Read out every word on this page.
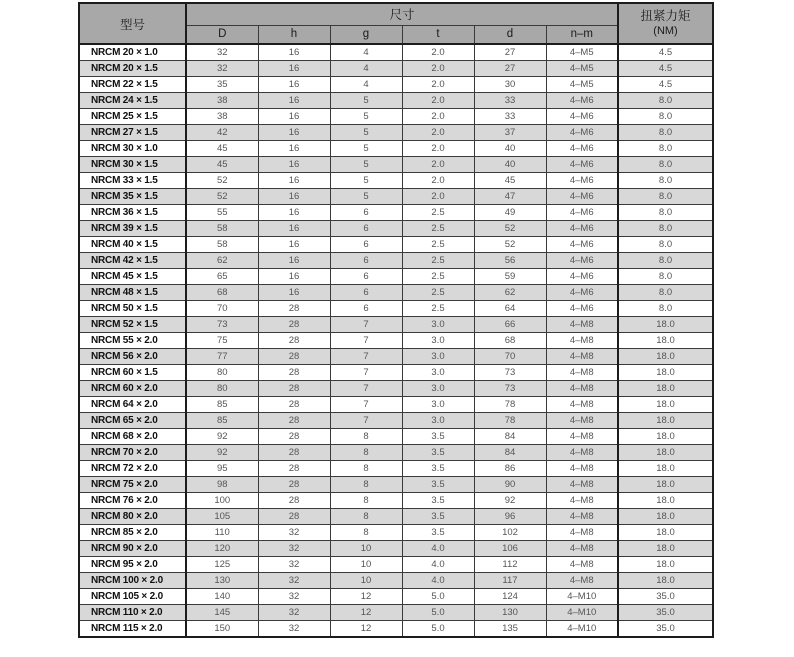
型号	尺寸						扭紧力矩
(NM)

	D	h	g	t	d	n–m	
NRCM 20 × 1.0	32	16	4	2.0	27	4–M5	4.5
NRCM 20 × 1.5	32	16	4	2.0	27	4–M5	4.5
NRCM 22 × 1.5	35	16	4	2.0	30	4–M5	4.5
NRCM 24 × 1.5	38	16	5	2.0	33	4–M6	8.0
NRCM 25 × 1.5	38	16	5	2.0	33	4–M6	8.0
NRCM 27 × 1.5	42	16	5	2.0	37	4–M6	8.0
NRCM 30 × 1.0	45	16	5	2.0	40	4–M6	8.0
NRCM 30 × 1.5	45	16	5	2.0	40	4–M6	8.0
NRCM 33 × 1.5	52	16	5	2.0	45	4–M6	8.0
NRCM 35 × 1.5	52	16	5	2.0	47	4–M6	8.0
NRCM 36 × 1.5	55	16	6	2.5	49	4–M6	8.0
NRCM 39 × 1.5	58	16	6	2.5	52	4–M6	8.0
NRCM 40 × 1.5	58	16	6	2.5	52	4–M6	8.0
NRCM 42 × 1.5	62	16	6	2.5	56	4–M6	8.0
NRCM 45 × 1.5	65	16	6	2.5	59	4–M6	8.0
NRCM 48 × 1.5	68	16	6	2.5	62	4–M6	8.0
NRCM 50 × 1.5	70	28	6	2.5	64	4–M6	8.0
NRCM 52 × 1.5	73	28	7	3.0	66	4–M8	18.0
NRCM 55 × 2.0	75	28	7	3.0	68	4–M8	18.0
NRCM 56 × 2.0	77	28	7	3.0	70	4–M8	18.0
NRCM 60 × 1.5	80	28	7	3.0	73	4–M8	18.0
NRCM 60 × 2.0	80	28	7	3.0	73	4–M8	18.0
NRCM 64 × 2.0	85	28	7	3.0	78	4–M8	18.0
NRCM 65 × 2.0	85	28	7	3.0	78	4–M8	18.0
NRCM 68 × 2.0	92	28	8	3.5	84	4–M8	18.0
NRCM 70 × 2.0	92	28	8	3.5	84	4–M8	18.0
NRCM 72 × 2.0	95	28	8	3.5	86	4–M8	18.0
NRCM 75 × 2.0	98	28	8	3.5	90	4–M8	18.0
NRCM 76 × 2.0	100	28	8	3.5	92	4–M8	18.0
NRCM 80 × 2.0	105	28	8	3.5	96	4–M8	18.0
NRCM 85 × 2.0	110	32	8	3.5	102	4–M8	18.0
NRCM 90 × 2.0	120	32	10	4.0	106	4–M8	18.0
NRCM 95 × 2.0	125	32	10	4.0	112	4–M8	18.0
NRCM 100 × 2.0	130	32	10	4.0	117	4–M8	18.0
NRCM 105 × 2.0	140	32	12	5.0	124	4–M10	35.0
NRCM 110 × 2.0	145	32	12	5.0	130	4–M10	35.0
NRCM 115 × 2.0	150	32	12	5.0	135	4–M10	35.0
